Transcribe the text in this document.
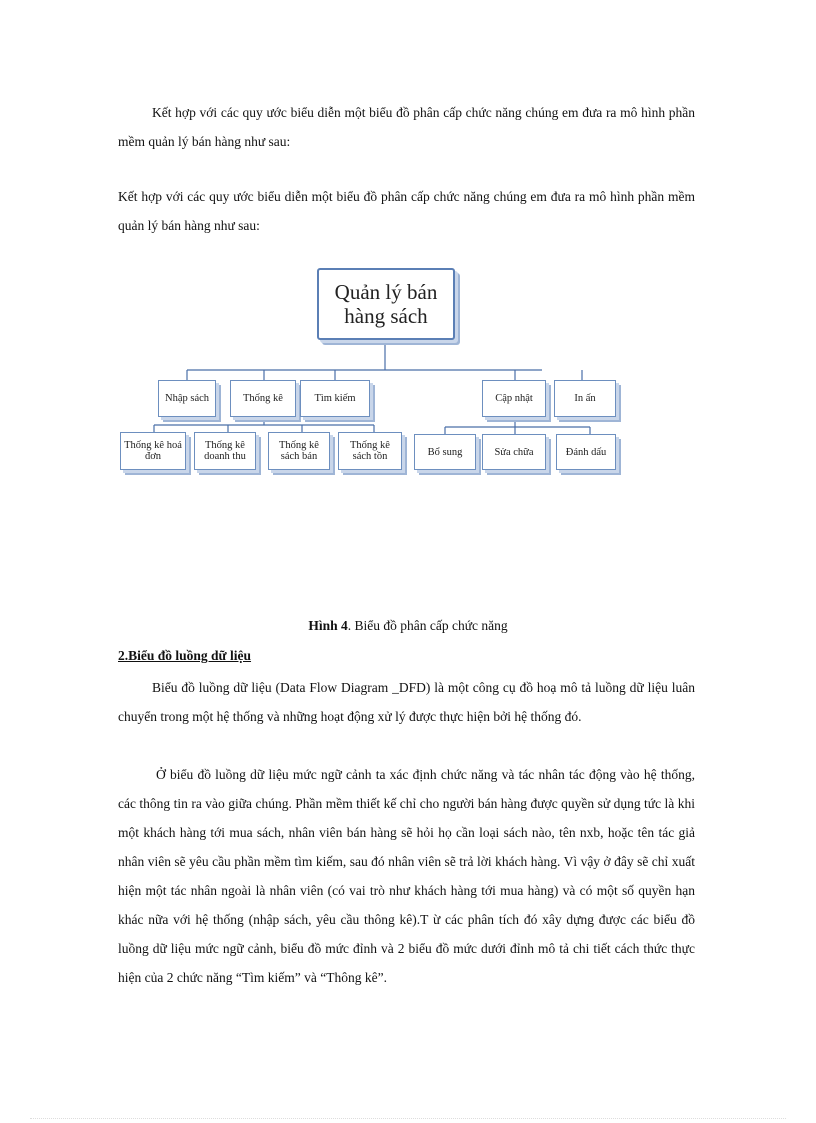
Kết hợp với các quy ước biểu diễn một biểu đồ phân cấp chức năng chúng em đưa ra mô hình phần mềm quản lý bán hàng như sau:

Kết hợp với các quy ước biểu diễn một biểu đồ phân cấp chức năng chúng em đưa ra mô hình phần mềm quản lý bán hàng như sau:

Quản lý bán hàng sách
Nhập sách	Thống kê	Tìm kiếm	Cập nhật	In ấn
Thống kê hoá đơn
Thống kê doanh thu
Thống kê sách bán
Thống kê sách tồn	Bổ sung	Sửa chữa	Đánh dấu
Hình 4. Biểu đồ phân cấp chức năng
2.Biểu đồ luồng dữ liệu

Biểu đồ luồng dữ liệu (Data Flow Diagram _DFD) là một công cụ đồ hoạ mô tả luồng dữ liệu luân chuyển trong một hệ thống và những hoạt động xử lý được thực hiện bởi hệ thống đó.

Ở biểu đồ luồng dữ liệu mức ngữ cảnh ta xác định chức năng và tác nhân tác động vào hệ thống, các thông tin ra vào giữa chúng. Phần mềm thiết kế chỉ cho người bán hàng được quyền sử dụng tức là khi một khách hàng tới mua sách, nhân viên bán hàng sẽ hỏi họ cần loại sách nào, tên nxb, hoặc tên tác giả nhân viên sẽ yêu cầu phần mềm tìm kiếm, sau đó nhân viên sẽ trả lời khách hàng. Vì vậy ở đây sẽ chỉ xuất hiện một tác nhân ngoài là nhân viên (có vai trò như khách hàng tới mua hàng) và có một số quyền hạn khác nữa với hệ thống (nhập sách, yêu cầu thông kê).T ừ các phân tích đó xây dựng được các biểu đồ luồng dữ liệu mức ngữ cảnh, biểu đồ mức đỉnh và 2 biểu đồ mức dưới đỉnh mô tả chi tiết cách thức thực hiện của 2 chức năng “Tìm kiếm” và “Thông kê”.
